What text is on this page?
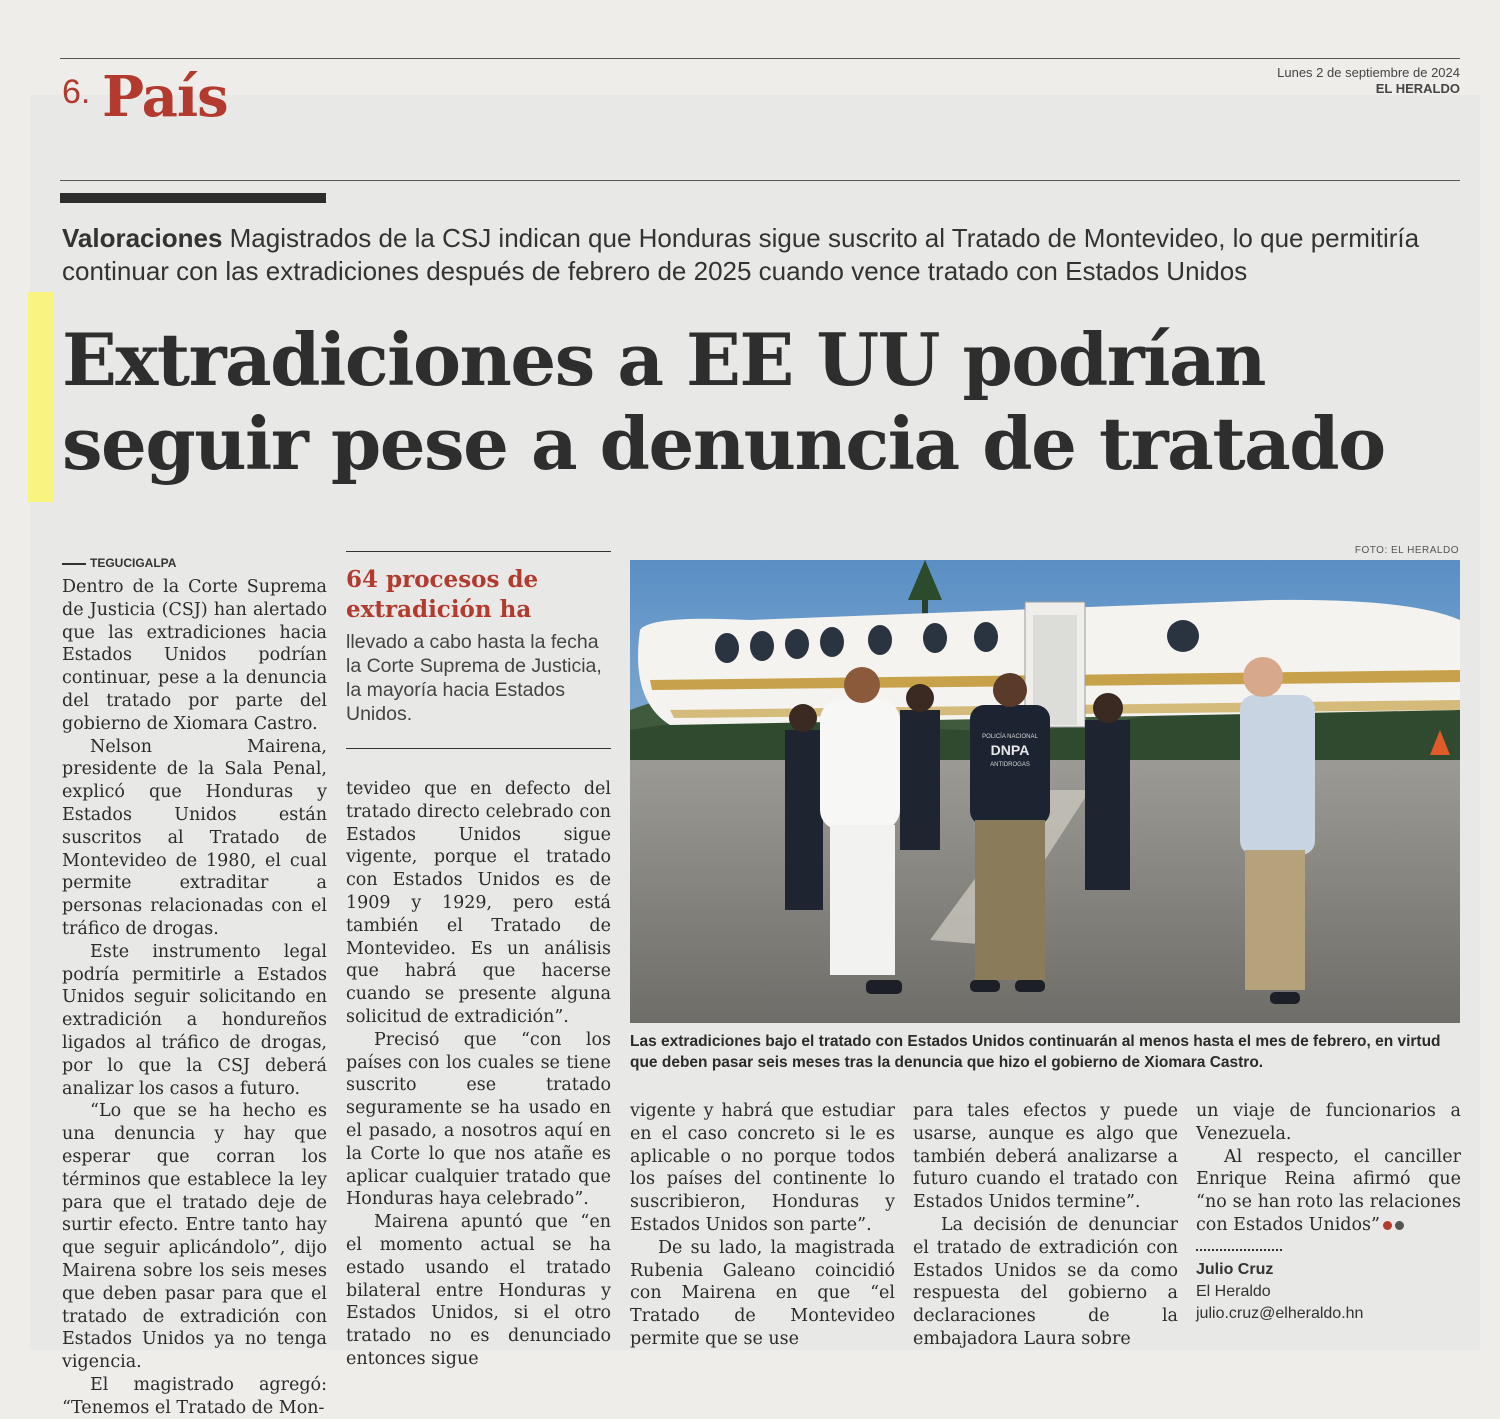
6. País	Lunes 2 de septiembre de 2024
EL HERALDO
Valoraciones Magistrados de la CSJ indican que Honduras sigue suscrito al Tratado de Montevideo, lo que permitiría continuar con las extradiciones después de febrero de 2025 cuando vence tratado con Estados Unidos
Extradiciones a EE UU podrían
seguir pese a denuncia de tratado
TEGUCIGALPA

Dentro de la Corte Suprema de Justicia (CSJ) han alertado que las extradiciones hacia Estados Unidos podrían continuar, pese a la denuncia del tratado por parte del gobierno de Xiomara Castro.

Nelson Mairena, presidente de la Sala Penal, explicó que Honduras y Estados Unidos están suscritos al Tratado de Montevideo de 1980, el cual permite extraditar a personas relacionadas con el tráfico de drogas.

Este instrumento legal podría permitirle a Estados Unidos seguir solicitando en extradición a hondureños ligados al tráfico de drogas, por lo que la CSJ deberá analizar los casos a futuro.

“Lo que se ha hecho es una denuncia y hay que esperar que corran los términos que establece la ley para que el tratado deje de surtir efecto. Entre tanto hay que seguir aplicándolo”, dijo Mairena sobre los seis meses que deben pasar para que el tratado de extradición con Estados Unidos ya no tenga vigencia.

El magistrado agregó: “Tenemos el Tratado de Mon-

64 procesos de extradición ha
llevado a cabo hasta la fecha la Corte Suprema de Justicia, la mayoría hacia Estados Unidos.

tevideo que en defecto del tratado directo celebrado con Estados Unidos sigue vigente, porque el tratado con Estados Unidos es de 1909 y 1929, pero está también el Tratado de Montevideo. Es un análisis que habrá que hacerse cuando se presente alguna solicitud de extradición”.

Precisó que “con los países con los cuales se tiene suscrito ese tratado seguramente se ha usado en el pasado, a nosotros aquí en la Corte lo que nos atañe es aplicar cualquier tratado que Honduras haya celebrado”.

Mairena apuntó que “en el momento actual se ha estado usando el tratado bilateral entre Honduras y Estados Unidos, si el otro tratado no es denunciado entonces sigue

FOTO: EL HERALDO
DNPA
POLICÍA NACIONAL
ANTIDROGAS
Las extradiciones bajo el tratado con Estados Unidos continuarán al menos hasta el mes de febrero, en virtud que deben pasar seis meses tras la denuncia que hizo el gobierno de Xiomara Castro.

vigente y habrá que estudiar en el caso concreto si le es aplicable o no porque todos los países del continente lo suscribieron, Honduras y Estados Unidos son parte”.

De su lado, la magistrada Rubenia Galeano coincidió con Mairena en que “el Tratado de Montevideo permite que se use

para tales efectos y puede usarse, aunque es algo que también deberá analizarse a futuro cuando el tratado con Estados Unidos termine”.

La decisión de denunciar el tratado de extradición con Estados Unidos se da como respuesta del gobierno a declaraciones de la embajadora Laura sobre

un viaje de funcionarios a Venezuela.

Al respecto, el canciller Enrique Reina afirmó que “no se han roto las relaciones con Estados Unidos”

Julio Cruz
El Heraldo
julio.cruz@elheraldo.hn
